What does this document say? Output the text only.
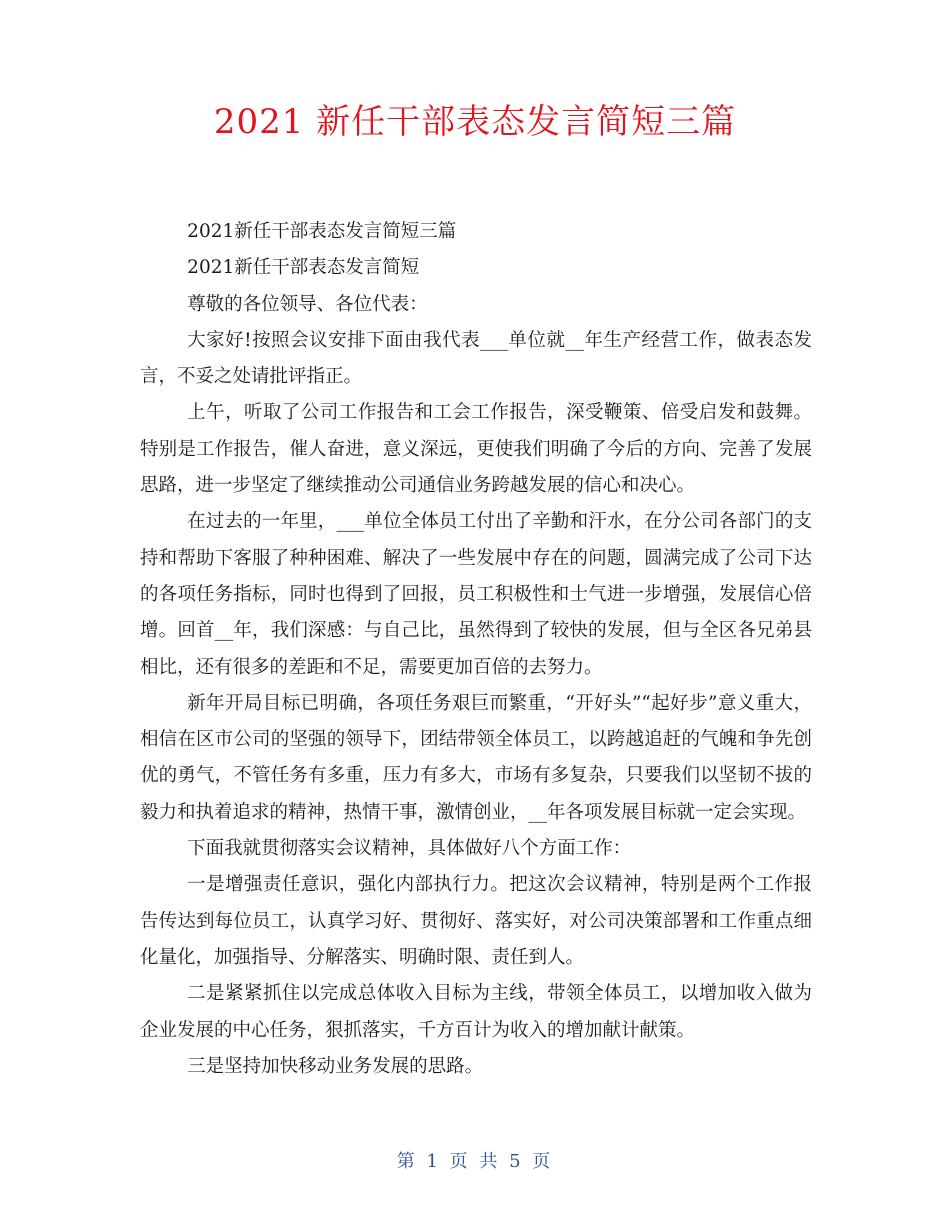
2021 新任干部表态发言简短三篇

2021新任干部表态发言简短三篇

2021新任干部表态发言简短

尊敬的各位领导、各位代表：

大家好!按照会议安排下面由我代表___单位就__年生产经营工作，做表态发言，不妥之处请批评指正。

上午，听取了公司工作报告和工会工作报告，深受鞭策、倍受启发和鼓舞。特别是工作报告，催人奋进，意义深远，更使我们明确了今后的方向、完善了发展思路，进一步坚定了继续推动公司通信业务跨越发展的信心和决心。

在过去的一年里，___单位全体员工付出了辛勤和汗水，在分公司各部门的支持和帮助下客服了种种困难、解决了一些发展中存在的问题，圆满完成了公司下达的各项任务指标，同时也得到了回报，员工积极性和士气进一步增强，发展信心倍增。回首__年，我们深感：与自己比，虽然得到了较快的发展，但与全区各兄弟县相比，还有很多的差距和不足，需要更加百倍的去努力。

新年开局目标已明确，各项任务艰巨而繁重，“开好头”“起好步”意义重大，相信在区市公司的坚强的领导下，团结带领全体员工，以跨越追赶的气魄和争先创优的勇气，不管任务有多重，压力有多大，市场有多复杂，只要我们以坚韧不拔的毅力和执着追求的精神，热情干事，激情创业，__年各项发展目标就一定会实现。

下面我就贯彻落实会议精神，具体做好八个方面工作：

一是增强责任意识，强化内部执行力。把这次会议精神，特别是两个工作报告传达到每位员工，认真学习好、贯彻好、落实好，对公司决策部署和工作重点细化量化，加强指导、分解落实、明确时限、责任到人。

二是紧紧抓住以完成总体收入目标为主线，带领全体员工，以增加收入做为企业发展的中心任务，狠抓落实，千方百计为收入的增加献计献策。

三是坚持加快移动业务发展的思路。

第 1 页 共 5 页
